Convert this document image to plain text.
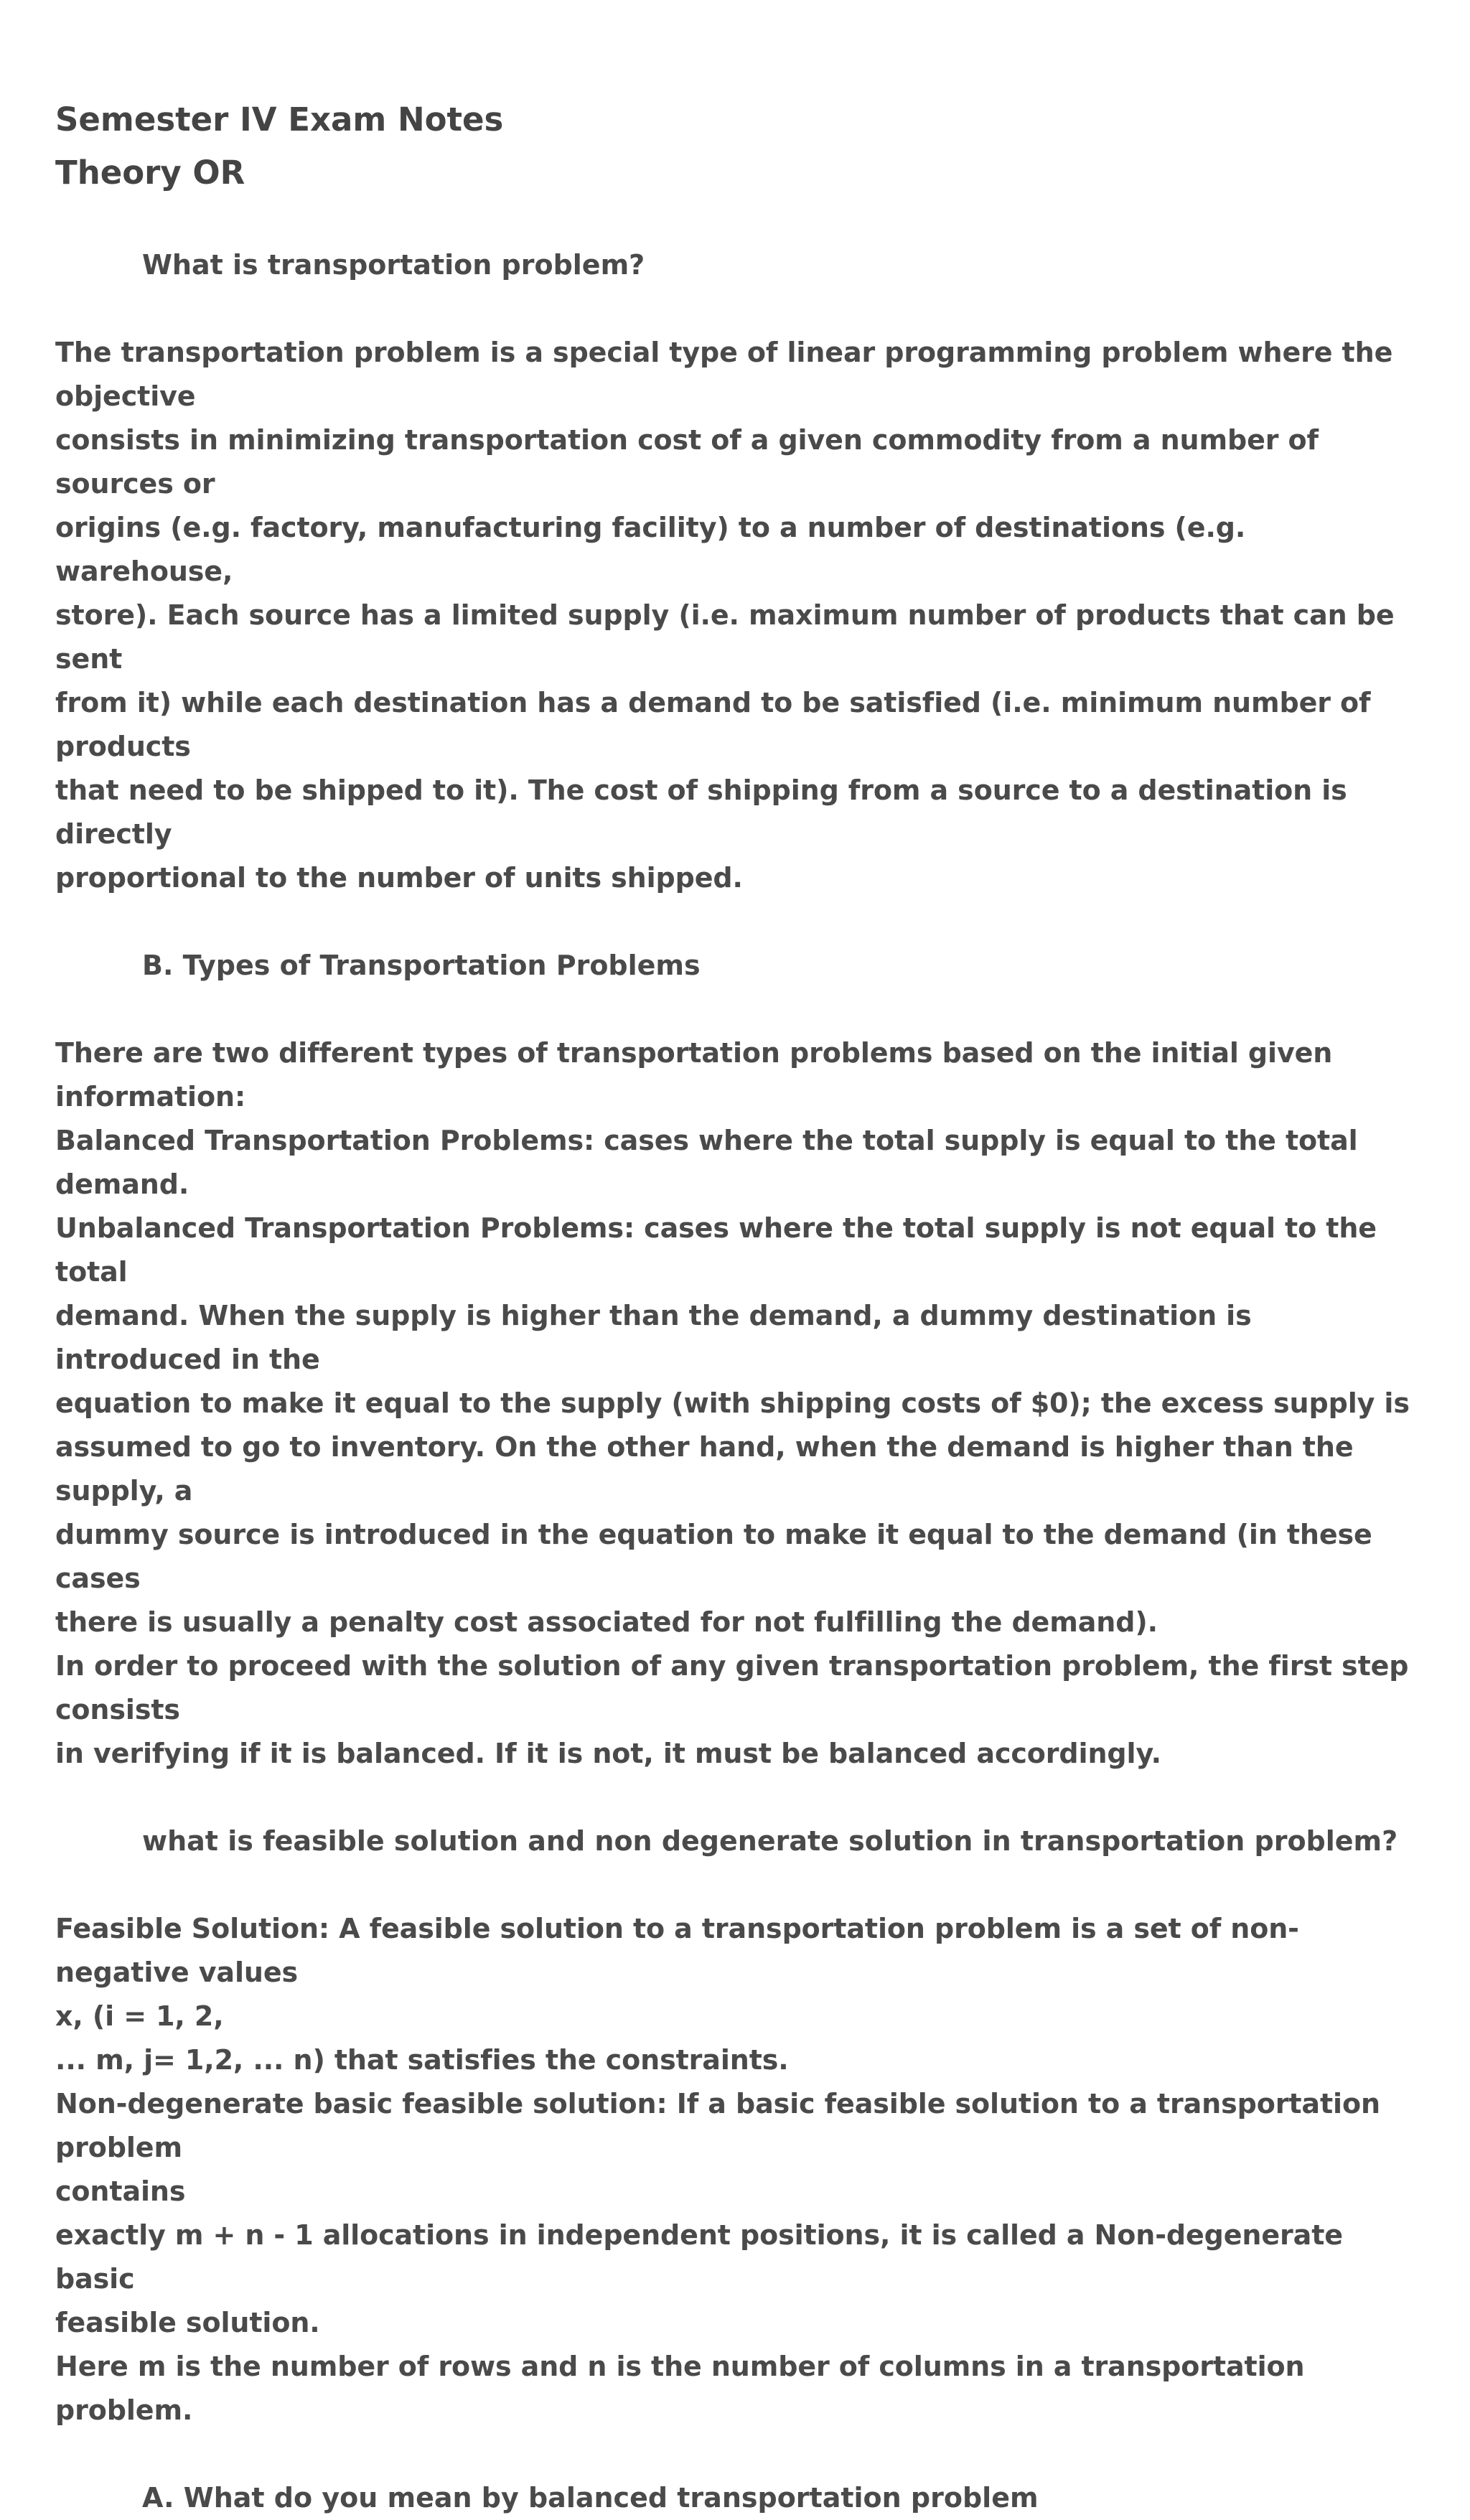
Semester IV Exam Notes
Theory OR
What is transportation problem?
The transportation problem is a special type of linear programming problem where the objective
consists in minimizing transportation cost of a given commodity from a number of sources or
origins (e.g. factory, manufacturing facility) to a number of destinations (e.g. warehouse,
store). Each source has a limited supply (i.e. maximum number of products that can be sent
from it) while each destination has a demand to be satisfied (i.e. minimum number of products
that need to be shipped to it). The cost of shipping from a source to a destination is directly
proportional to the number of units shipped.
B. Types of Transportation Problems
There are two different types of transportation problems based on the initial given information:
Balanced Transportation Problems: cases where the total supply is equal to the total demand.
Unbalanced Transportation Problems: cases where the total supply is not equal to the total
demand. When the supply is higher than the demand, a dummy destination is introduced in the
equation to make it equal to the supply (with shipping costs of $0); the excess supply is
assumed to go to inventory. On the other hand, when the demand is higher than the supply, a
dummy source is introduced in the equation to make it equal to the demand (in these cases
there is usually a penalty cost associated for not fulfilling the demand).
In order to proceed with the solution of any given transportation problem, the first step consists
in verifying if it is balanced. If it is not, it must be balanced accordingly.
what is feasible solution and non degenerate solution in transportation problem?
Feasible Solution: A feasible solution to a transportation problem is a set of non-negative values
x, (i = 1, 2,
... m, j= 1,2, ... n) that satisfies the constraints.
Non-degenerate basic feasible solution: If a basic feasible solution to a transportation problem
contains
exactly m + n - 1 allocations in independent positions, it is called a Non-degenerate basic
feasible solution.
Here m is the number of rows and n is the number of columns in a transportation problem.
A. What do you mean by balanced transportation problem
